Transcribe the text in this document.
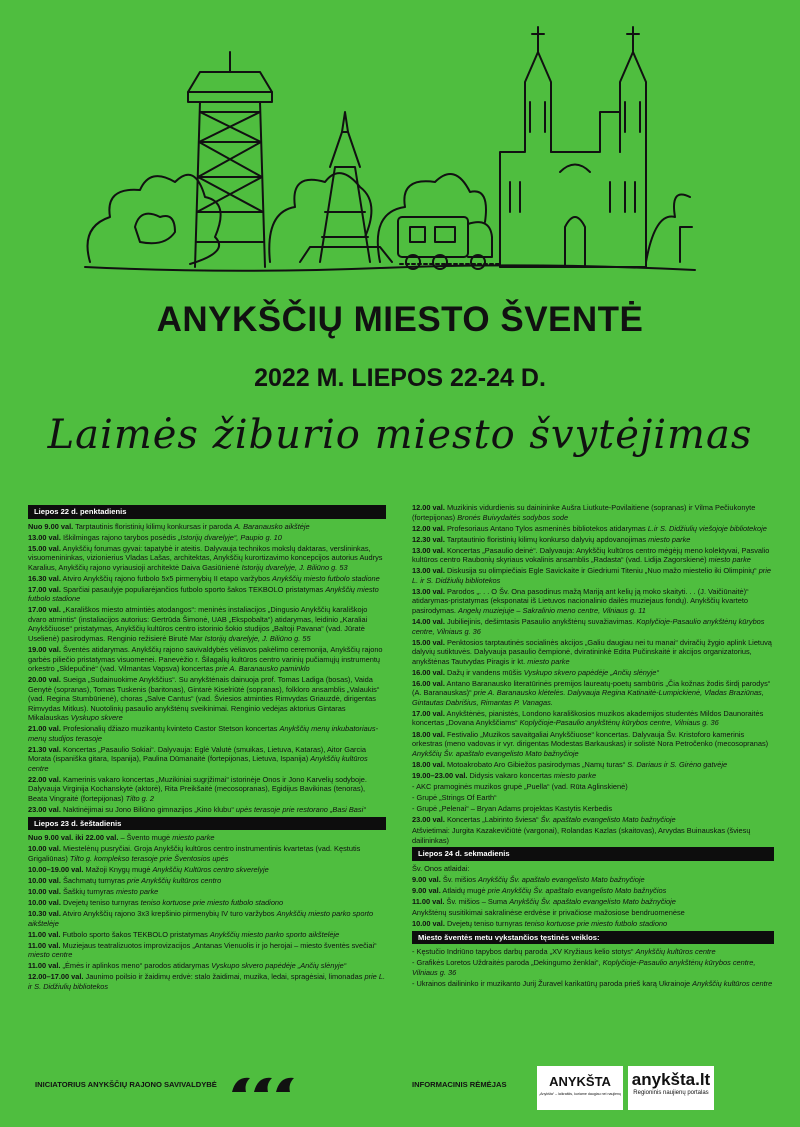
ANYKŠČIŲ MIESTO ŠVENTĖ
2022 M. LIEPOS 22-24 D.
Laimės žiburio miesto švytėjimas
Liepos 22 d. penktadienis
Nuo 9.00 val. Tarptautinis floristinių kilimų konkursas ir paroda A. Baranausko aikštėje
13.00 val. Iškilmingas rajono tarybos posėdis „Istorijų dvarelyje“, Paupio g. 10
15.00 val. Anykščių forumas gyvai: tapatybė ir ateitis. Dalyvauja technikos mokslų daktaras, verslininkas, visuomenininkas, vizionierius Vladas Lašas, architektas, Anykščių kurortizavimo koncepcijos autorius Audrys Karalius, Anykščių rajono vyriausioji architektė Daiva Gasiūnienė Istorijų dvarelyje, J. Biliūno g. 53
16.30 val. Atviro Anykščių rajono futbolo 5x5 pirmenybių II etapo varžybos Anykščių miesto futbolo stadione
17.00 val. Sparčiai pasaulyje populiarėjančios futbolo sporto šakos TEKBOLO pristatymas Anykščių miesto futbolo stadione
17.00 val. „Karališkos miesto atmintiės atodangos“: meninės instaliacijos „Dingusio Anykščių karališkojo dvaro atmintis“ (instaliacijos autorius: Gertrūda Šimonė, UAB „Ekspobalta“) atidarymas, leidinio „Karaliai Anykščiuose“ pristatymas, Anykščių kultūros centro istorinio šokio studijos „Baltoji Pavana“ (vad. Jūratė Uselienė) pasirodymas. Renginio režisierė Birutė Mar Istorijų dvarelyje, J. Biliūno g. 55
19.00 val. Šventės atidarymas. Anykščių rajono savivaldybės vėliavos pakėlimo ceremonija, Anykščių rajono garbės piliečio pristatymas visuomenei. Panevėžio r. Šilagalių kultūros centro varinių pučiamųjų instrumentų orkestro „Sklepučinė“ (vad. Vilmantas Vapsva) koncertas prie A. Baranausko paminklo
20.00 val. Sueiga „Sudainuokime Anykščius“. Su anykštėnais dainuoja prof. Tomas Ladiga (bosas), Vaida Genytė (sopranas), Tomas Tuskenis (baritonas), Gintarė Kiselriūtė (sopranas), folkloro ansamblis „Valaukis“ (vad. Regina Stumbūrienė), choras „Salve Cantus“ (vad. Šviesios atminties Rimvydas Griauzdė, dirigentas Rimvydas Mitkus). Nuotolinių pasaulio anykštėnų sveikinimai. Renginio vedėjas aktorius Gintaras Mikalauskas Vyskupo skvere
21.00 val. Profesionalių džiazo muzikantų kvinteto Castor Stetson koncertas Anykščių menų inkubatoriaus-menų studijos terasoje
21.30 val. Koncertas „Pasaulio Sokiai“. Dalyvauja: Eglė Valutė (smuikas, Lietuva, Kataras), Aitor Garcia Morata (ispaniška gitara, Ispanija), Paulina Dūmanaitė (fortepijonas, Lietuva, Ispanija) Anykščių kultūros centre
22.00 val. Kamerinis vakaro koncertas „Muzikiniai sugrįžimai“ istorinėje Onos ir Jono Karvelių sodyboje. Dalyvauja Virginija Kochanskytė (aktorė), Rita Preikšaitė (mecosopranas), Egidijus Bavikinas (tenoras), Beata Vingraitė (fortepijonas) Tilto g. 2
23.00 val. Naktinėjimai su Jono Biliūno gimnazijos „Kino klubu“ upės terasoje prie restorano „Basi Basi“
Liepos 23 d. šeštadienis
Nuo 9.00 val. iki 22.00 val. – Švento mugė miesto parke
10.00 val. Miestelėnų pusryčiai. Groja Anykščių kultūros centro instrumentinis kvartetas (vad. Kęstutis Grigaliūnas) Tilto g. komplekso terasoje prie Šventosios upės
10.00–19.00 val. Mažoji Knygų mugė Anykščių Kultūros centro skverelyje
10.00 val. Šachmatų turnyras prie Anykščių kultūros centro
10.00 val. Šaškių turnyras miesto parke
10.00 val. Dvejetų teniso turnyras teniso kortuose prie miesto futbolo stadiono
10.30 val. Atviro Anykščių rajono 3x3 krepšinio pirmenybių IV turo varžybos Anykščių miesto parko sporto aikštelėje
11.00 val. Futbolo sporto šakos TEKBOLO pristatymas Anykščių miesto parko sporto aikštelėje
11.00 val. Muziejaus teatralizuotos improvizacijos „Antanas Vienuolis ir jo herojai – miesto šventės svečiai“ miesto centre
11.00 val. „Ėmės ir aplinkos meno“ parodos atidarymas Vyskupo skvero papėdėje „Ančių slėnyje“
12.00–17.00 val. Jaunimo poilsio ir žaidimų erdvė: stalo žaidimai, muzika, ledai, spragėsiai, limonadas prie L. ir S. Didžiulių bibliotekos
12.00 val. Muzikinis vidurdienis su dainininke Aušra Liutkute-Povilaitiene (sopranas) ir Vilma Pečiukonyte (fortepijonas) Bronės Buivydaitės sodybos sode
12.00 val. Profesoriaus Antano Tylos asmeninės bibliotekos atidarymas L.ir S. Didžiulių viešojoje bibliotekoje
12.30 val. Tarptautinio floristinių kilimų konkurso dalyvių apdovanojimas miesto parke
13.00 val. Koncertas „Pasaulio deinė“. Dalyvauja: Anykščių kultūros centro mėgėjų meno kolektyvai, Pasvalio kultūros centro Raubonių skyriaus vokalinis ansamblis „Radasta“ (vad. Lidija Zagorskienė) miesto parke
13.00 val. Diskusija su olimpiečiais Egle Savickaite ir Giedriumi Titeniu „Nuo mažo miestelio iki Olimpinių“ prie L. ir S. Didžiulių bibliotekos
13.00 val. Parodos „. . . O Šv. Ona pasodinus mažą Mariją ant kelių ją moko skaityti. . . (J. Vaičiūnaitė)“ atidarymas-pristatymas (eksponatai iš Lietuvos nacionalinio dailės muziejaus fondų). Anykščių kvarteto pasirodymas. Angelų muziejuje – Sakralinio meno centre, Vilniaus g. 11
14.00 val. Jubiliejinis, dešimtasis Pasaulio anykštėnų suvažiavimas. Koplyčioje-Pasaulio anykštėnų kūrybos centre, Vilniaus g. 36
15.00 val. Penktosios tarptautinės socialinės akcijos „Galiu daugiau nei tu manai“ dviračių žygio aplink Lietuvą dalyvių sutiktuvės. Dalyvauja pasaulio čempionė, dviratininkė Edita Pučinskaitė ir akcijos organizatorius, anykštėnas Tautvydas Piragis ir kt. miesto parke
16.00 val. Dažų ir vandens mūšis Vyskupo skvero papėdėje „Ančių slėnyje“
16.00 val. Antano Baranausko literatūrinės premijos laureatų-poetų sambūris „Čia kožnas žodis širdį parodys“ (A. Baranauskas)“ prie A. Baranausko klėtelės. Dalyvauja Regina Katinaitė-Lumpickienė, Vladas Braziūnas, Gintautas Dabrišius, Rimantas P. Vanagas.
17.00 val. Anykštėnės, pianistės, Londono karališkosios muzikos akademijos studentės Mildos Daunoraitės koncertas „Dovana Anykščiams“ Koplyčioje-Pasaulio anykštėnų kūrybos centre, Vilniaus g. 36
18.00 val. Festivalio „Muzikos savaitgaliai Anykščiuose“ koncertas. Dalyvauja Šv. Kristoforo kamerinis orkestras (meno vadovas ir vyr. dirigentas Modestas Barkauskas) ir solistė Nora Petročenko (mecosopranas) Anykščių Šv. apaštalo evangelisto Mato bažnyčioje
18.00 val. Motoakrobato Aro Gibiežos pasirodymas „Namų turas“ S. Dariaus ir S. Girėno gatvėje
19.00–23.00 val. Didysis vakaro koncertas miesto parke
- AKC pramoginės muzikos grupė „Puella“ (vad. Rūta Aglinskienė)
- Grupė „Strings Of Earth“
- Grupė „Pelenai“ – Bryan Adams projektas Kastytis Kerbedis
23.00 val. Koncertas „Labirinto šviesa“ Šv. apaštalo evangelisto Mato bažnyčioje
Atšvietimai: Jurgita Kazakevičiūtė (vargonai), Rolandas Kazlas (skaitovas), Arvydas Buinauskas (šviesų dailininkas)
Liepos 24 d. sekmadienis
Šv. Onos atlaidai:
9.00 val. Šv. mišios Anykščių Šv. apaštalo evangelisto Mato bažnyčioje
9.00 val. Atlaidų mugė prie Anykščių Šv. apaštalo evangelisto Mato bažnyčios
11.00 val. Šv. mišios – Suma Anykščių Šv. apaštalo evangelisto Mato bažnyčioje
Anykštėnų susitikimai sakralinėse erdvėse ir privačiose mažosiose bendruomenėse
10.00 val. Dvejetų teniso turnyras teniso kortuose prie miesto futbolo stadiono
Miesto šventės metu vykstančios tęstinės veiklos:
- Kęstučio Indriūno tapybos darbų paroda „XV Kryžiaus kelio stotys“ Anykščių kultūros centre
- Grafikės Loretos Uždraitės paroda „Dekingumo ženklai“, Koplyčioje-Pasaulio anykštėnų kūrybos centre, Vilniaus g. 36
- Ukrainos dailininko ir muzikanto Jurij Žuravel karikatūrų paroda prieš karą Ukrainoje Anykščių kultūros centre
INICIATORIUS ANYKŠČIŲ RAJONO SAVIVALDYBĖ	INFORMACINIS RĖMĖJAS	ANYKŠTA
„Anykšta“ – laikraštis, kuriame daugiau nei naujienų
anykšta.lt
Regioninis naujienų portalas
